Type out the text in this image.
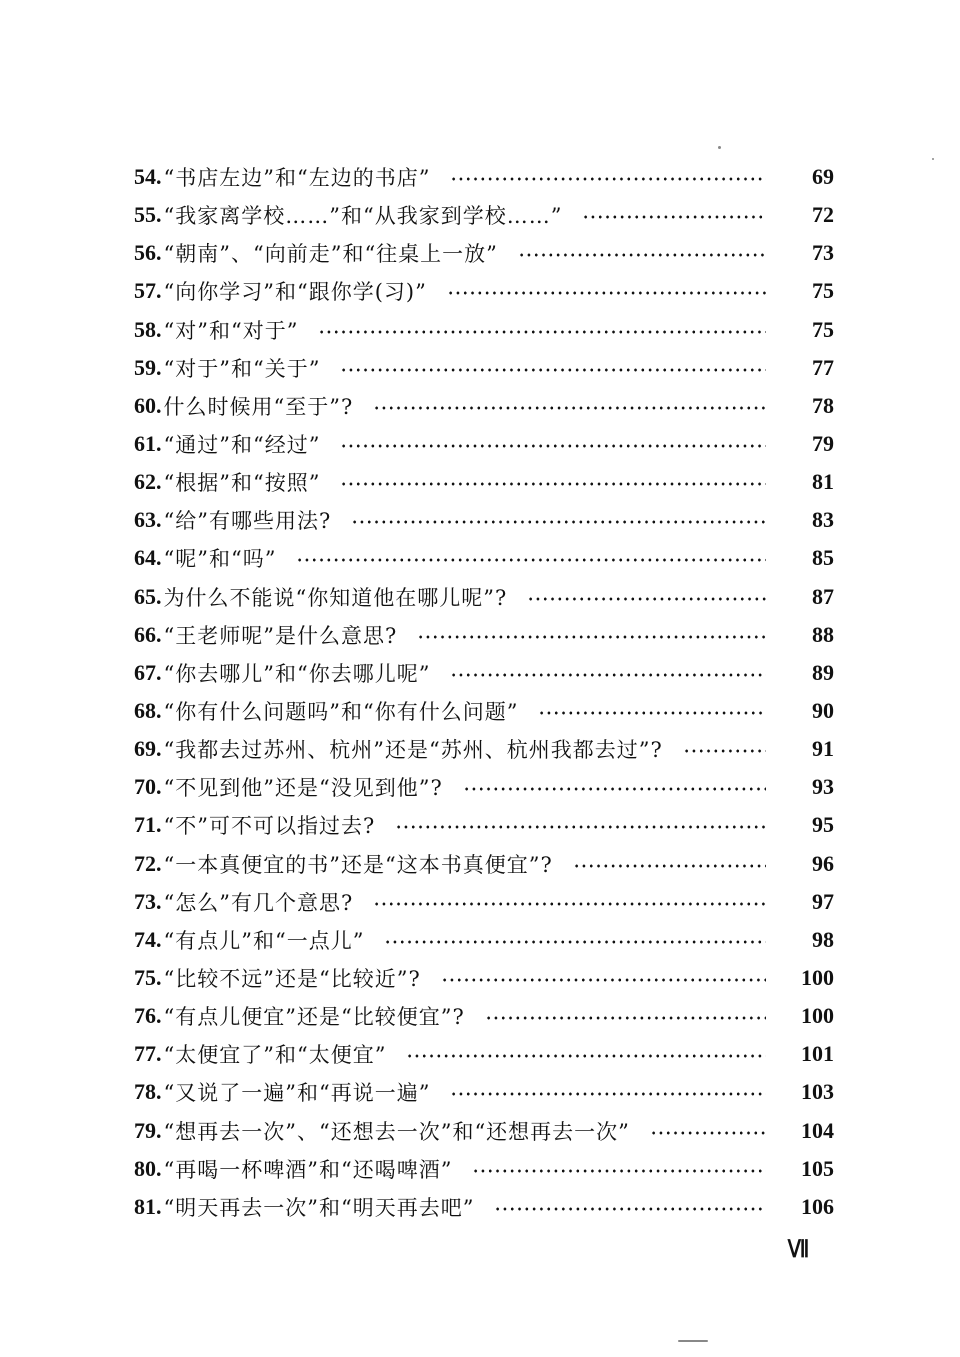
54. “书店左边”和“左边的书店”	69
55. “我家离学校……”和“从我家到学校……”	72
56. “朝南”、“向前走”和“往桌上一放”	73
57. “向你学习”和“跟你学(习)”	75
58. “对”和“对于”	75
59. “对于”和“关于”	77
60. 什么时候用“至于”?	78
61. “通过”和“经过”	79
62. “根据”和“按照”	81
63. “给”有哪些用法?	83
64. “呢”和“吗”	85
65. 为什么不能说“你知道他在哪儿呢”?	87
66. “王老师呢”是什么意思?	88
67. “你去哪儿”和“你去哪儿呢”	89
68. “你有什么问题吗”和“你有什么问题”	90
69. “我都去过苏州、杭州”还是“苏州、杭州我都去过”?	91
70. “不见到他”还是“没见到他”?	93
71. “不”可不可以指过去?	95
72. “一本真便宜的书”还是“这本书真便宜”?	96
73. “怎么”有几个意思?	97
74. “有点儿”和“一点儿”	98
75. “比较不远”还是“比较近”?	100
76. “有点儿便宜”还是“比较便宜”?	100
77. “太便宜了”和“太便宜”	101
78. “又说了一遍”和“再说一遍”	103
79. “想再去一次”、“还想去一次”和“还想再去一次”	104
80. “再喝一杯啤酒”和“还喝啤酒”	105
81. “明天再去一次”和“明天再去吧”	106
Ⅶ
